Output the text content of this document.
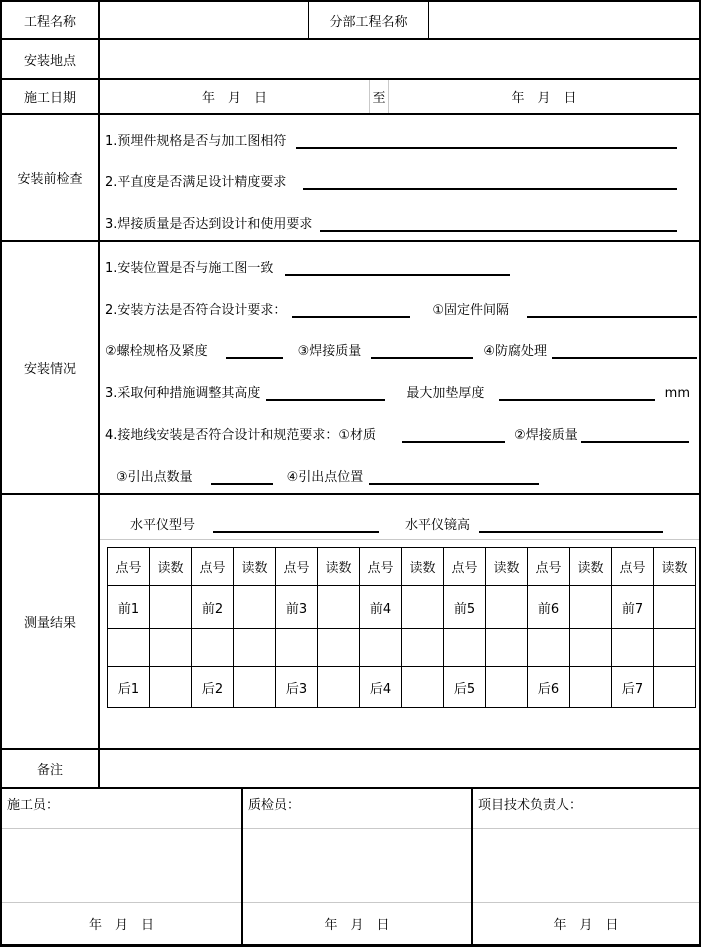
工程名称	分部工程名称
安装地点
施工日期	年　月　日	至	年　月　日
安装前检查
1.预埋件规格是否与加工图相符
2.平直度是否满足设计精度要求
3.焊接质量是否达到设计和使用要求
安装情况
1.安装位置是否与施工图一致
2.安装方法是否符合设计要求：	①固定件间隔
②螺栓规格及紧度	③焊接质量	④防腐处理
3.采取何种措施调整其高度	最大加垫厚度	mm
4.接地线安装是否符合设计和规范要求：①材质	②焊接质量
③引出点数量	④引出点位置
测量结果
水平仪型号	水平仪镜高
点号	读数	点号	读数	点号	读数	点号	读数	点号	读数	点号	读数	点号	读数
前1		前2		前3		前4		前5		前6		前7	

后1		后2		后3		后4		后5		后6		后7	
备注
施工员：
年　月　日
质检员：
年　月　日
项目技术负责人：
年　月　日
